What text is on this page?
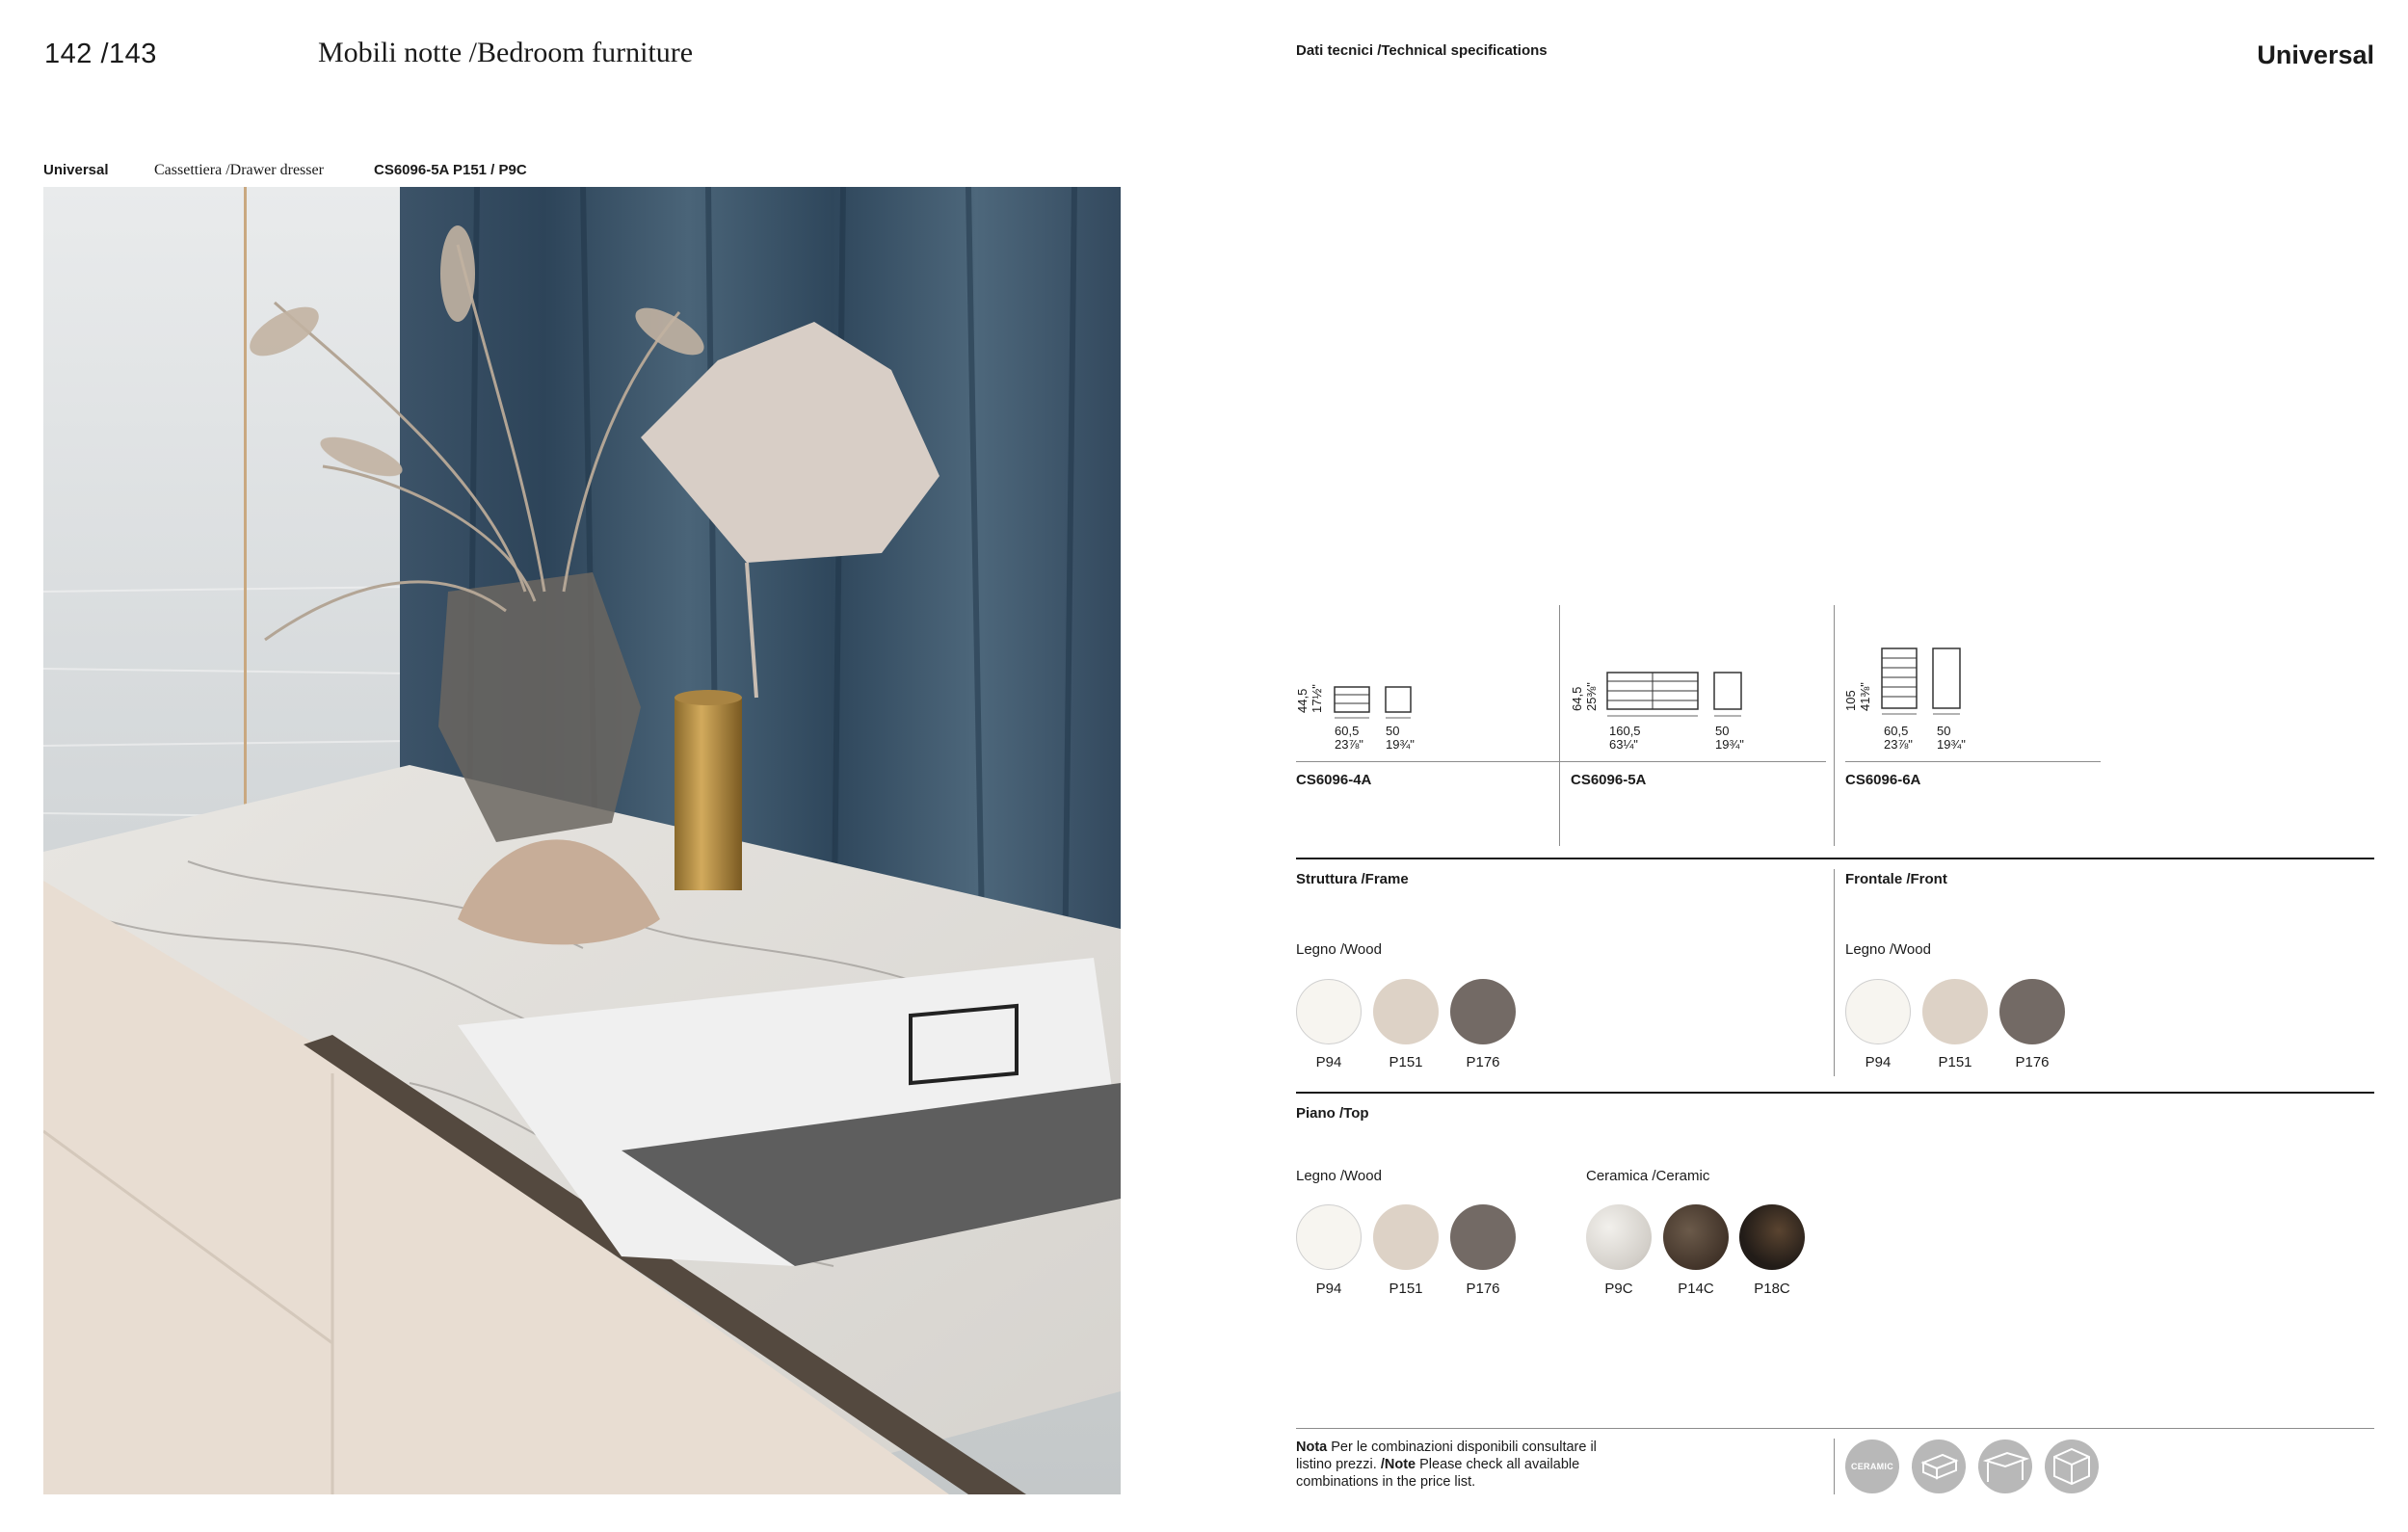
142 /143	Mobili notte /Bedroom furniture	Dati tecnici /Technical specifications	Universal
Universal	Cassettiera /Drawer dresser	CS6096-5A P151 / P9C
44,5 17½"
60,5
23⅞"
50
19¾"
CS6096-4A
64,5 25⅜"
160,5
63¼"
50
19¾"
CS6096-5A
105 41⅜"
60,5
23⅞"
50
19¾"
CS6096-6A
Struttura /Frame
Legno /Wood
P94	P151	P176
Frontale /Front
Legno /Wood
P94	P151	P176
Piano /Top
Legno /Wood	Ceramica /Ceramic
P94	P151	P176	P9C	P14C	P18C
Nota Per le combinazioni disponibili consultare il listino prezzi. /Note Please check all available combinations in the price list.
CERAMIC
